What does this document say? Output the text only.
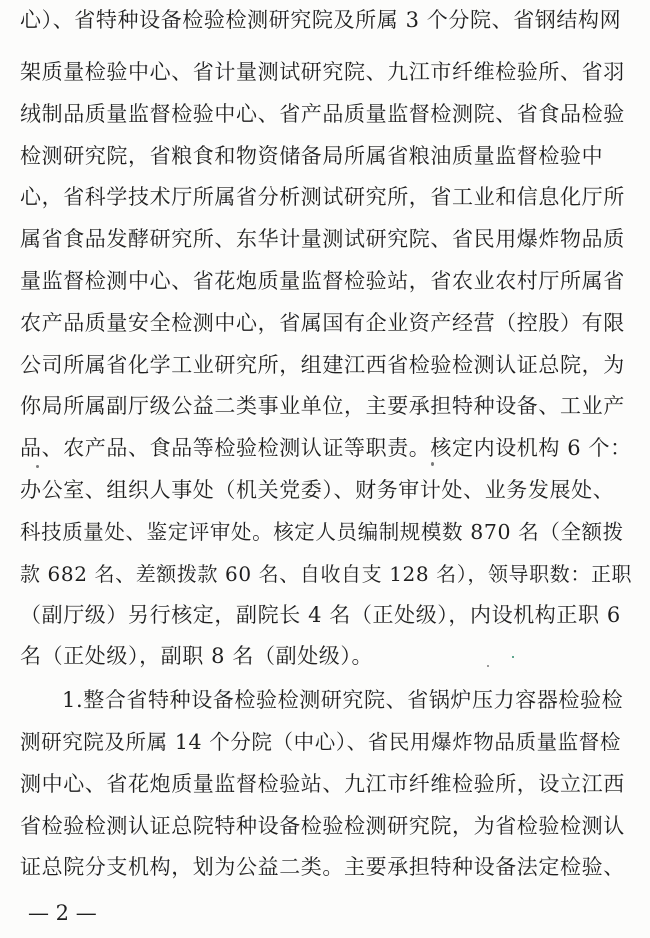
心）、省特种设备检验检测研究院及所属 3 个分院、省钢结构网
架质量检验中心、省计量测试研究院、九江市纤维检验所、省羽
绒制品质量监督检验中心、省产品质量监督检测院、省食品检验
检测研究院，省粮食和物资储备局所属省粮油质量监督检验中
心，省科学技术厅所属省分析测试研究所，省工业和信息化厅所
属省食品发酵研究所、东华计量测试研究院、省民用爆炸物品质
量监督检测中心、省花炮质量监督检验站，省农业农村厅所属省
农产品质量安全检测中心，省属国有企业资产经营（控股）有限
公司所属省化学工业研究所，组建江西省检验检测认证总院，为
你局所属副厅级公益二类事业单位，主要承担特种设备、工业产
品、农产品、食品等检验检测认证等职责。核定内设机构 6 个：
办公室、组织人事处（机关党委）、财务审计处、业务发展处、
科技质量处、鉴定评审处。核定人员编制规模数 870 名（全额拨
款 682 名、差额拨款 60 名、自收自支 128 名），领导职数：正职
（副厅级）另行核定，副院长 4 名（正处级），内设机构正职 6
名（正处级），副职 8 名（副处级）。
1.整合省特种设备检验检测研究院、省锅炉压力容器检验检
测研究院及所属 14 个分院（中心）、省民用爆炸物品质量监督检
测中心、省花炮质量监督检验站、九江市纤维检验所，设立江西
省检验检测认证总院特种设备检验检测研究院，为省检验检测认
证总院分支机构，划为公益二类。主要承担特种设备法定检验、
— 2 —
